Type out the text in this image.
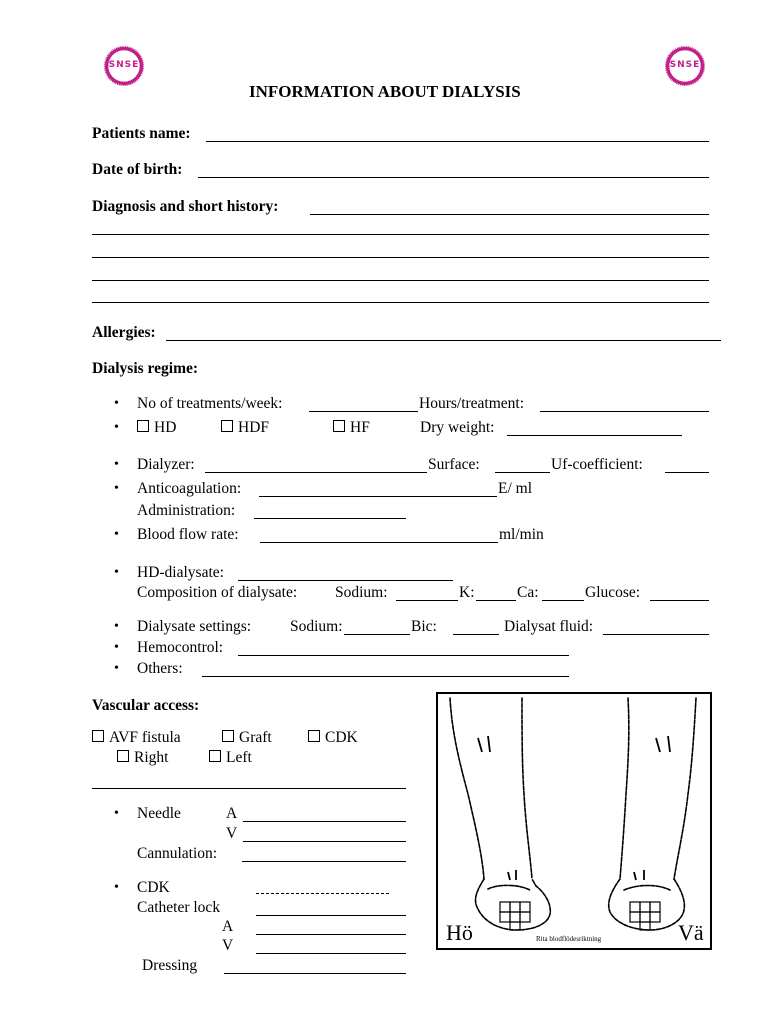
SNSE	SNSE
INFORMATION ABOUT DIALYSIS
Patients name:
Date of birth:
Diagnosis and short history:
Allergies:
Dialysis regime:
• No of treatments/week:	Hours/treatment:
•	HD	HDF	HF	Dry weight:
• Dialyzer:	Surface:	Uf-coefficient:
• Anticoagulation:	E/ ml
Administration:
• Blood flow rate:	ml/min
• HD-dialysate:
Composition of dialysate: Sodium:	K:	Ca:	Glucose:
• Dialysate settings:	Sodium:	Bic:	Dialysat fluid:
• Hemocontrol:
• Others:
Vascular access:
AVF fistula	Graft	CDK
Right	Left
• Needle	A
V
Cannulation:
• CDK
Catheter lock
A
V
Dressing
Hö	Vä
Rita blodflödesriktning
